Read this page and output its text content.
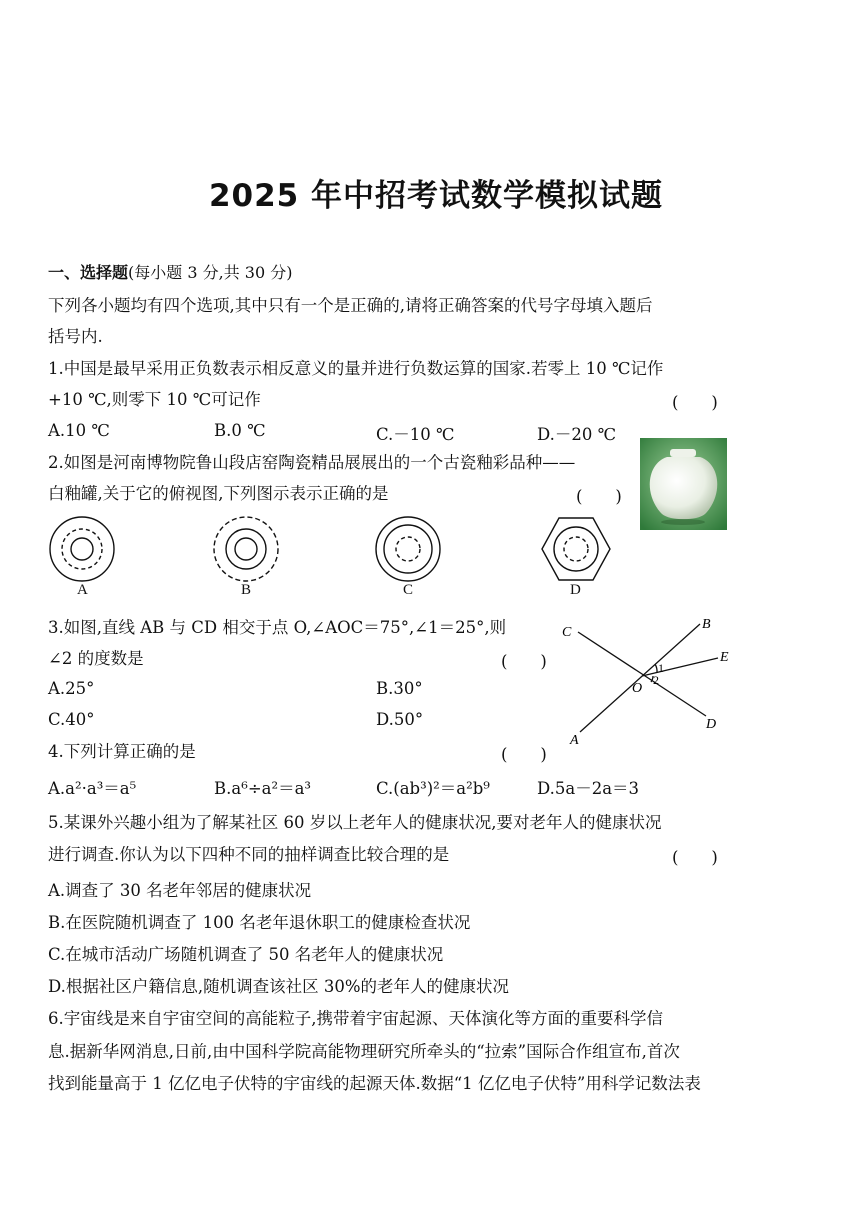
2025 年中招考试数学模拟试题
一、选择题(每小题 3 分,共 30 分)
下列各小题均有四个选项,其中只有一个是正确的,请将正确答案的代号字母填入题后
括号内.
1.中国是最早采用正负数表示相反意义的量并进行负数运算的国家.若零上 10 ℃记作
+10 ℃,则零下 10 ℃可记作	(　　)
A.10 ℃	B.0 ℃	C.－10 ℃	D.－20 ℃
2.如图是河南博物院鲁山段店窑陶瓷精品展展出的一个古瓷釉彩品种——
白釉罐,关于它的俯视图,下列图示表示正确的是	(　　)
A	B	C	D
3.如图,直线 AB 与 CD 相交于点 O,∠AOC＝75°,∠1＝25°,则
∠2 的度数是	(　　)
A.25°	B.30°
C.40°	D.50°
C
B
E
O
1
2
D
A
4.下列计算正确的是	(　　)
A.a²·a³＝a⁵	B.a⁶÷a²＝a³	C.(ab³)²＝a²b⁹	D.5a－2a＝3
5.某课外兴趣小组为了解某社区 60 岁以上老年人的健康状况,要对老年人的健康状况
进行调查.你认为以下四种不同的抽样调查比较合理的是	(　　)
A.调查了 30 名老年邻居的健康状况
B.在医院随机调查了 100 名老年退休职工的健康检查状况
C.在城市活动广场随机调查了 50 名老年人的健康状况
D.根据社区户籍信息,随机调查该社区 30%的老年人的健康状况
6.宇宙线是来自宇宙空间的高能粒子,携带着宇宙起源、天体演化等方面的重要科学信
息.据新华网消息,日前,由中国科学院高能物理研究所牵头的“拉索”国际合作组宣布,首次
找到能量高于 1 亿亿电子伏特的宇宙线的起源天体.数据“1 亿亿电子伏特”用科学记数法表
